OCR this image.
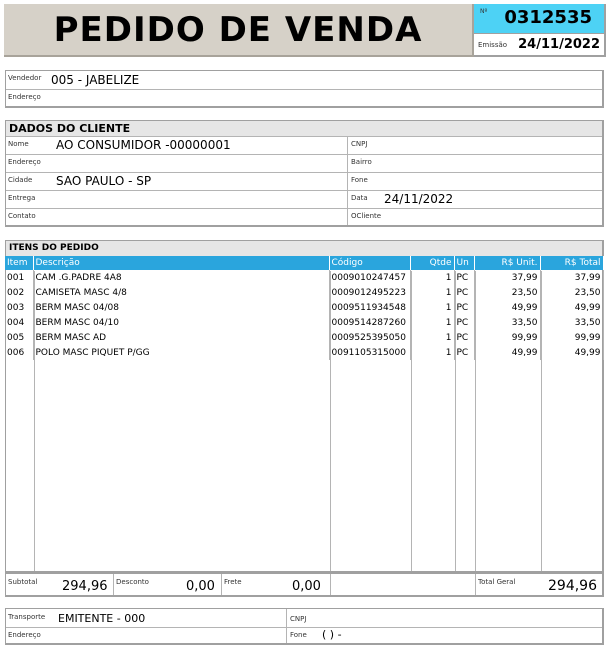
PEDIDO DE VENDA	Nº 0312535
Emissão 24/11/2022
Vendedor 005 - JABELIZE
Endereço
DADOS DO CLIENTE
Nome AO CONSUMIDOR -00000001	CNPJ
Endereço	Bairro
Cidade SAO PAULO - SP	Fone
Entrega	Data 24/11/2022
Contato	OCliente
ITENS DO PEDIDO
Item	Descrição	Código	Qtde	Un	R$ Unit.	R$ Total
001	CAM .G.PADRE 4A8	0009010247457	1	PC	37,99	37,99
002	CAMISETA MASC 4/8	0009012495223	1	PC	23,50	23,50
003	BERM MASC 04/08	0009511934548	1	PC	49,99	49,99
004	BERM MASC 04/10	0009514287260	1	PC	33,50	33,50
005	BERM MASC AD	0009525395050	1	PC	99,99	99,99
006	POLO MASC PIQUET P/GG	0091105315000	1	PC	49,99	49,99
Subtotal 294,96 Desconto	0,00 Frete	0,00	Total Geral 294,96
Transporte EMITENTE - 000	CNPJ
Endereço	Fone ( ) -
